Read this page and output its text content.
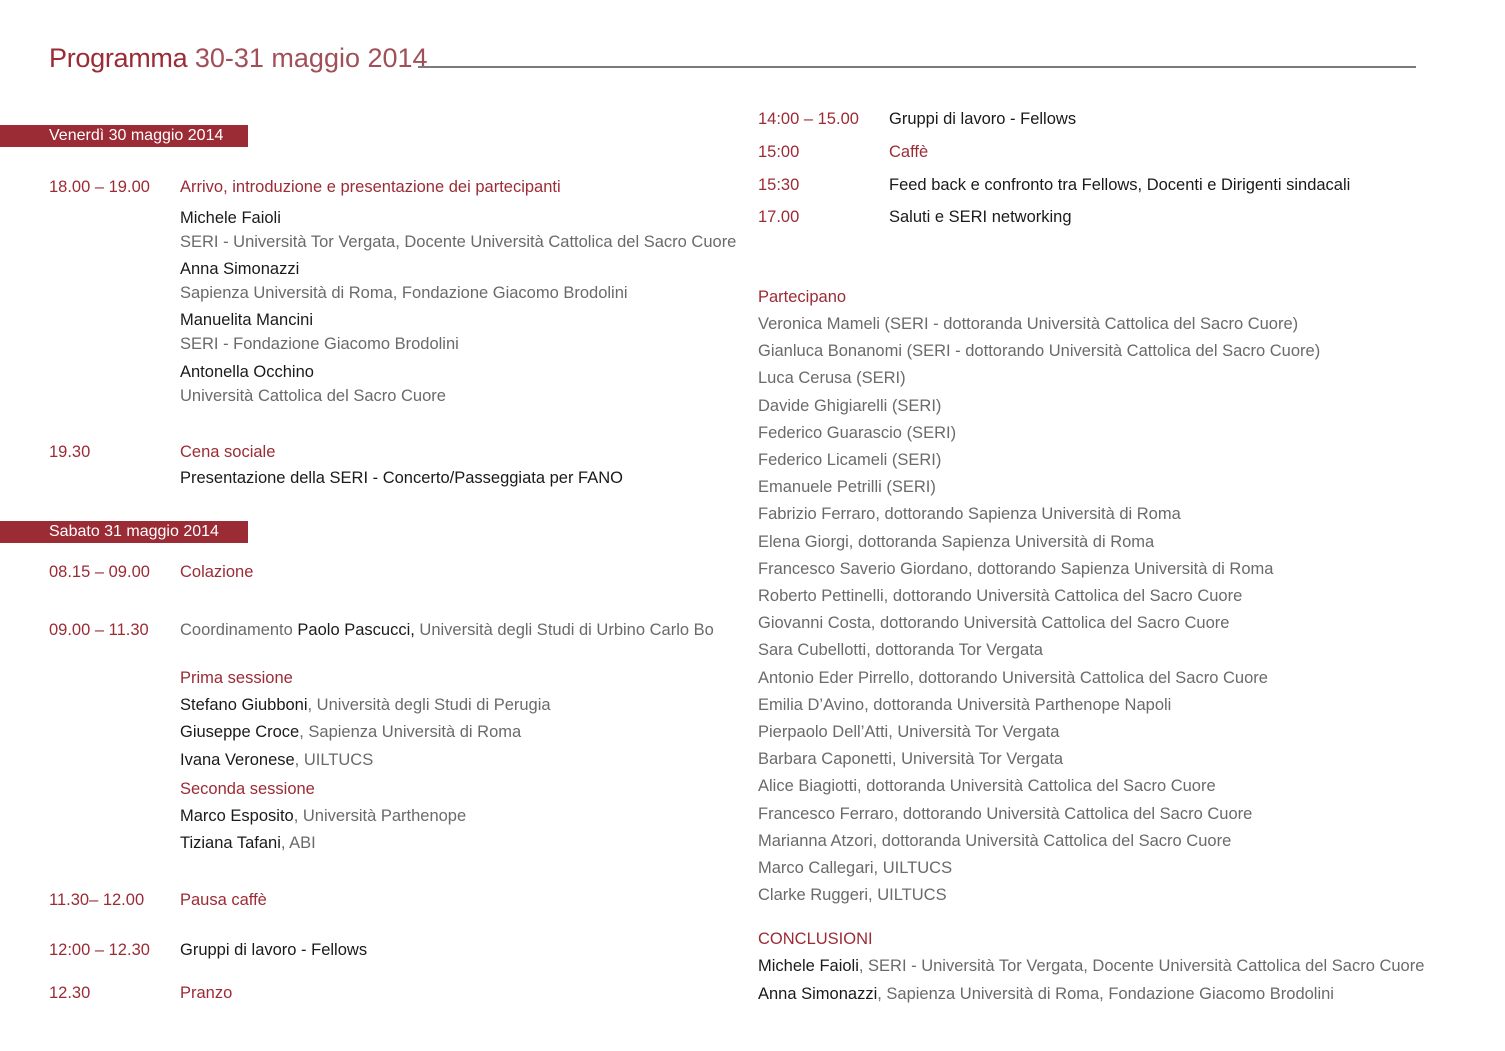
Programma 30-31 maggio 2014
Venerdì 30 maggio 2014
18.00 – 19.00 Arrivo, introduzione e presentazione dei partecipanti
Michele Faioli
SERI - Università Tor Vergata, Docente Università Cattolica del Sacro Cuore
Anna Simonazzi
Sapienza Università di Roma, Fondazione Giacomo Brodolini
Manuelita Mancini
SERI - Fondazione Giacomo Brodolini
Antonella Occhino
Università Cattolica del Sacro Cuore
19.30	Cena sociale
Presentazione della SERI - Concerto/Passeggiata per FANO
Sabato 31 maggio 2014
08.15 – 09.00 Colazione
09.00 – 11.30 Coordinamento Paolo Pascucci, Università degli Studi di Urbino Carlo Bo
Prima sessione
Stefano Giubboni, Università degli Studi di Perugia
Giuseppe Croce, Sapienza Università di Roma
Ivana Veronese, UILTUCS
Seconda sessione
Marco Esposito, Università Parthenope
Tiziana Tafani, ABI
11.30– 12.00 Pausa caffè
12:00 – 12.30 Gruppi di lavoro - Fellows
12.30	Pranzo
14:00 – 15.00 Gruppi di lavoro - Fellows
15:00	Caffè
15:30	Feed back e confronto tra Fellows, Docenti e Dirigenti sindacali
17.00	Saluti e SERI networking
Partecipano
Veronica Mameli (SERI - dottoranda Università Cattolica del Sacro Cuore)
Gianluca Bonanomi (SERI - dottorando Università Cattolica del Sacro Cuore)
Luca Cerusa (SERI)
Davide Ghigiarelli (SERI)
Federico Guarascio (SERI)
Federico Licameli (SERI)
Emanuele Petrilli (SERI)
Fabrizio Ferraro, dottorando Sapienza Università di Roma
Elena Giorgi, dottoranda Sapienza Università di Roma
Francesco Saverio Giordano, dottorando Sapienza Università di Roma
Roberto Pettinelli, dottorando Università Cattolica del Sacro Cuore
Giovanni Costa, dottorando Università Cattolica del Sacro Cuore
Sara Cubellotti, dottoranda Tor Vergata
Antonio Eder Pirrello, dottorando Università Cattolica del Sacro Cuore
Emilia D’Avino, dottoranda Università Parthenope Napoli
Pierpaolo Dell’Atti, Università Tor Vergata
Barbara Caponetti, Università Tor Vergata
Alice Biagiotti, dottoranda Università Cattolica del Sacro Cuore
Francesco Ferraro, dottorando Università Cattolica del Sacro Cuore
Marianna Atzori, dottoranda Università Cattolica del Sacro Cuore
Marco Callegari, UILTUCS
Clarke Ruggeri, UILTUCS
CONCLUSIONI
Michele Faioli, SERI - Università Tor Vergata, Docente Università Cattolica del Sacro Cuore
Anna Simonazzi, Sapienza Università di Roma, Fondazione Giacomo Brodolini
